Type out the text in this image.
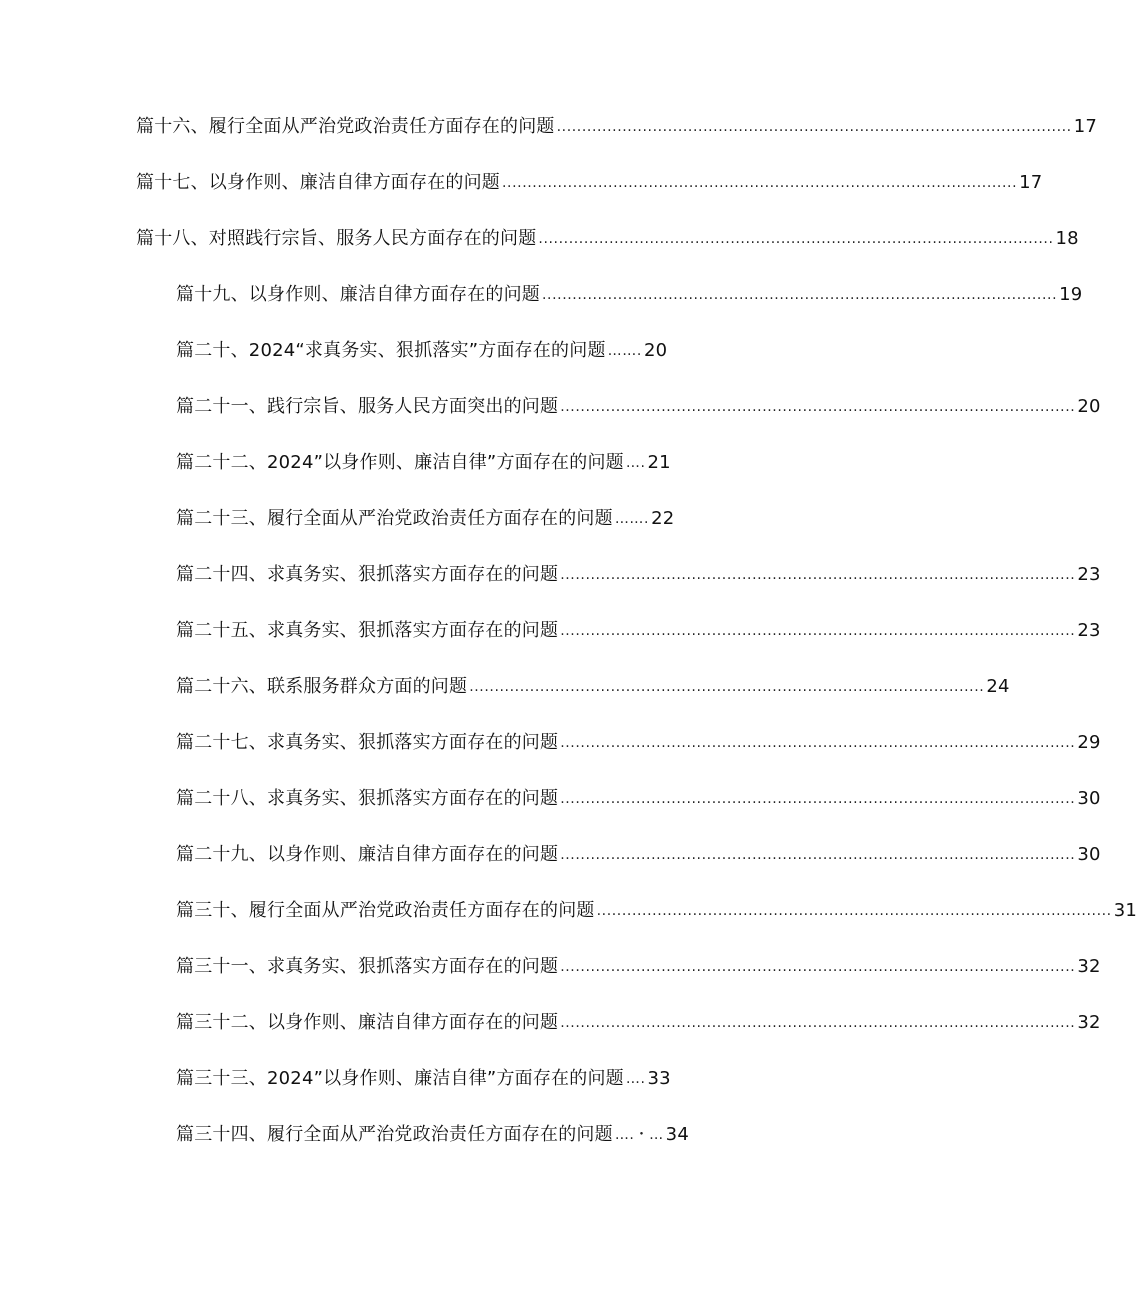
篇十六、履行全面从严治党政治责任方面存在的问题 ...................................................................................................... 17
篇十七、以身作则、廉洁自律方面存在的问题 ...................................................................................................... 17
篇十八、对照践行宗旨、服务人民方面存在的问题 ...................................................................................................... 18
篇十九、以身作则、廉洁自律方面存在的问题 ...................................................................................................... 19
篇二十、2024“求真务实、狠抓落实”方面存在的问题 ……. 20
篇二十一、践行宗旨、服务人民方面突出的问题 ...................................................................................................... 20
篇二十二、2024”以身作则、廉洁自律”方面存在的问题 …. 21
篇二十三、履行全面从严治党政治责任方面存在的问题 ……. 22
篇二十四、求真务实、狠抓落实方面存在的问题 ...................................................................................................... 23
篇二十五、求真务实、狠抓落实方面存在的问题 ...................................................................................................... 23
篇二十六、联系服务群众方面的问题 ...................................................................................................... 24
篇二十七、求真务实、狠抓落实方面存在的问题 ...................................................................................................... 29
篇二十八、求真务实、狠抓落实方面存在的问题 ...................................................................................................... 30
篇二十九、以身作则、廉洁自律方面存在的问题 ...................................................................................................... 30
篇三十、履行全面从严治党政治责任方面存在的问题 ...................................................................................................... 31
篇三十一、求真务实、狠抓落实方面存在的问题 ...................................................................................................... 32
篇三十二、以身作则、廉洁自律方面存在的问题 ...................................................................................................... 32
篇三十三、2024”以身作则、廉洁自律”方面存在的问题 …. 33
篇三十四、履行全面从严治党政治责任方面存在的问题 ….・… 34
